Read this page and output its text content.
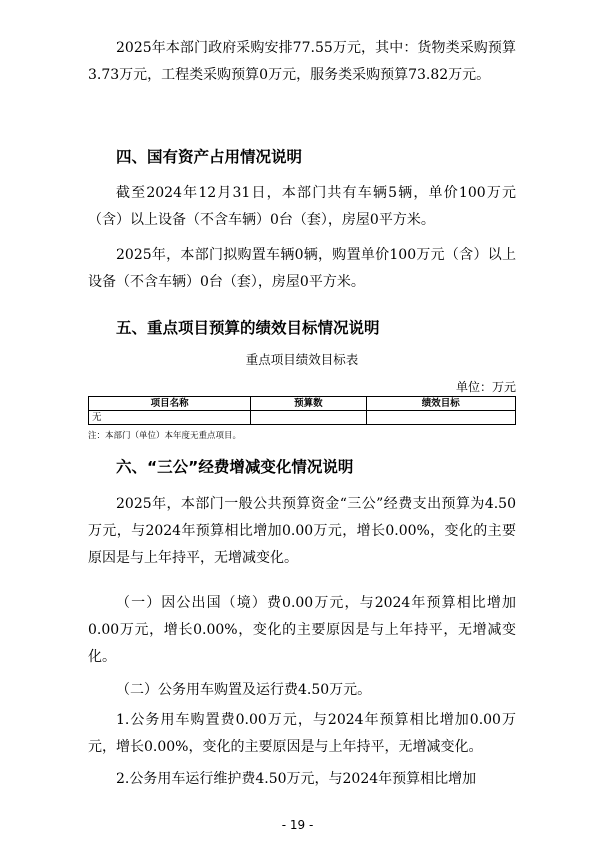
2025年本部门政府采购安排77.55万元，其中：货物类采购预算3.73万元，工程类采购预算0万元，服务类采购预算73.82万元。

四、国有资产占用情况说明

截至2024年12月31日，本部门共有车辆5辆，单价100万元（含）以上设备（不含车辆）0台（套），房屋0平方米。

2025年，本部门拟购置车辆0辆，购置单价100万元（含）以上设备（不含车辆）0台（套），房屋0平方米。

五、重点项目预算的绩效目标情况说明
重点项目绩效目标表
单位：万元
项目名称	预算数	绩效目标
无		
注：本部门（单位）本年度无重点项目。
六、“三公”经费增减变化情况说明

2025年，本部门一般公共预算资金“三公”经费支出预算为4.50万元，与2024年预算相比增加0.00万元，增长0.00%，变化的主要原因是与上年持平，无增减变化。

（一）因公出国（境）费0.00万元，与2024年预算相比增加0.00万元，增长0.00%，变化的主要原因是与上年持平，无增减变化。

（二）公务用车购置及运行费4.50万元。

1.公务用车购置费0.00万元，与2024年预算相比增加0.00万元，增长0.00%，变化的主要原因是与上年持平，无增减变化。

2.公务用车运行维护费4.50万元，与2024年预算相比增加

- 19 -
